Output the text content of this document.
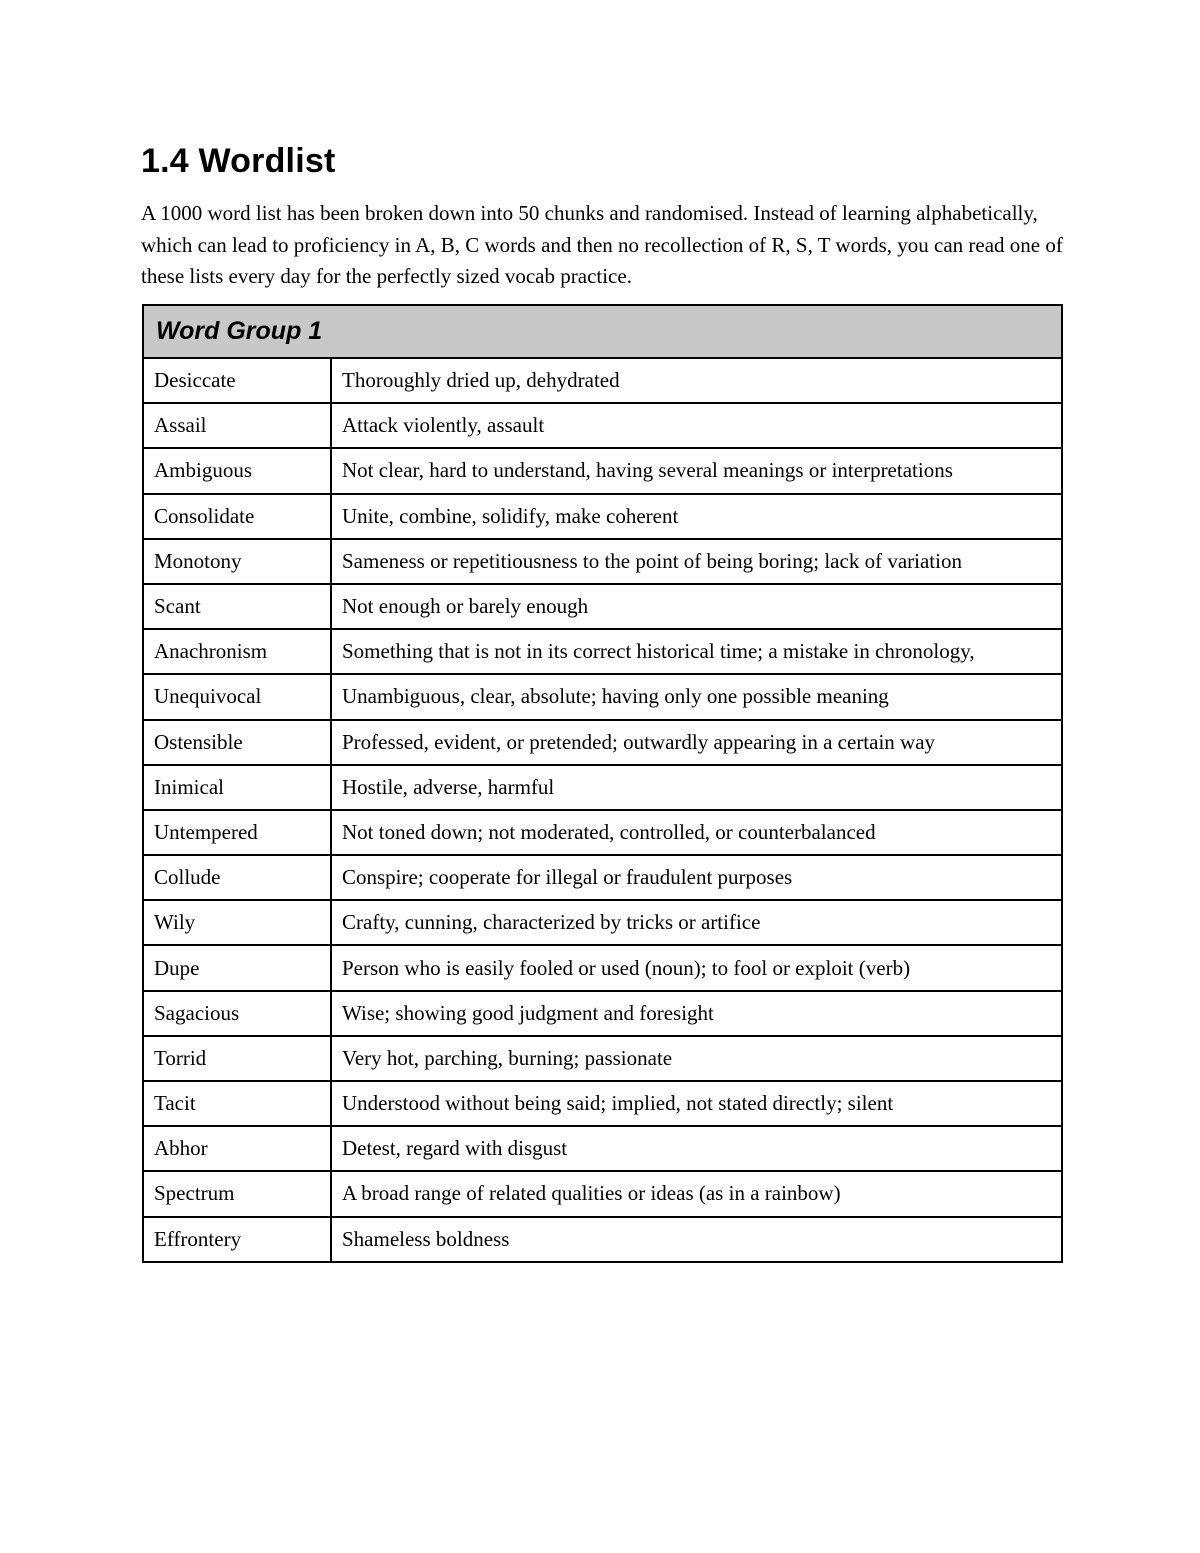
1.4 Wordlist

A 1000 word list has been broken down into 50 chunks and randomised. Instead of learning alphabetically, which can lead to proficiency in A, B, C words and then no recollection of R, S, T words, you can read one of these lists every day for the perfectly sized vocab practice.

Word Group 1	
Desiccate	Thoroughly dried up, dehydrated
Assail	Attack violently, assault
Ambiguous	Not clear, hard to understand, having several meanings or interpretations
Consolidate	Unite, combine, solidify, make coherent
Monotony	Sameness or repetitiousness to the point of being boring; lack of variation
Scant	Not enough or barely enough
Anachronism	Something that is not in its correct historical time; a mistake in chronology,
Unequivocal	Unambiguous, clear, absolute; having only one possible meaning
Ostensible	Professed, evident, or pretended; outwardly appearing in a certain way
Inimical	Hostile, adverse, harmful
Untempered	Not toned down; not moderated, controlled, or counterbalanced
Collude	Conspire; cooperate for illegal or fraudulent purposes
Wily	Crafty, cunning, characterized by tricks or artifice
Dupe	Person who is easily fooled or used (noun); to fool or exploit (verb)
Sagacious	Wise; showing good judgment and foresight
Torrid	Very hot, parching, burning; passionate
Tacit	Understood without being said; implied, not stated directly; silent
Abhor	Detest, regard with disgust
Spectrum	A broad range of related qualities or ideas (as in a rainbow)
Effrontery	Shameless boldness
